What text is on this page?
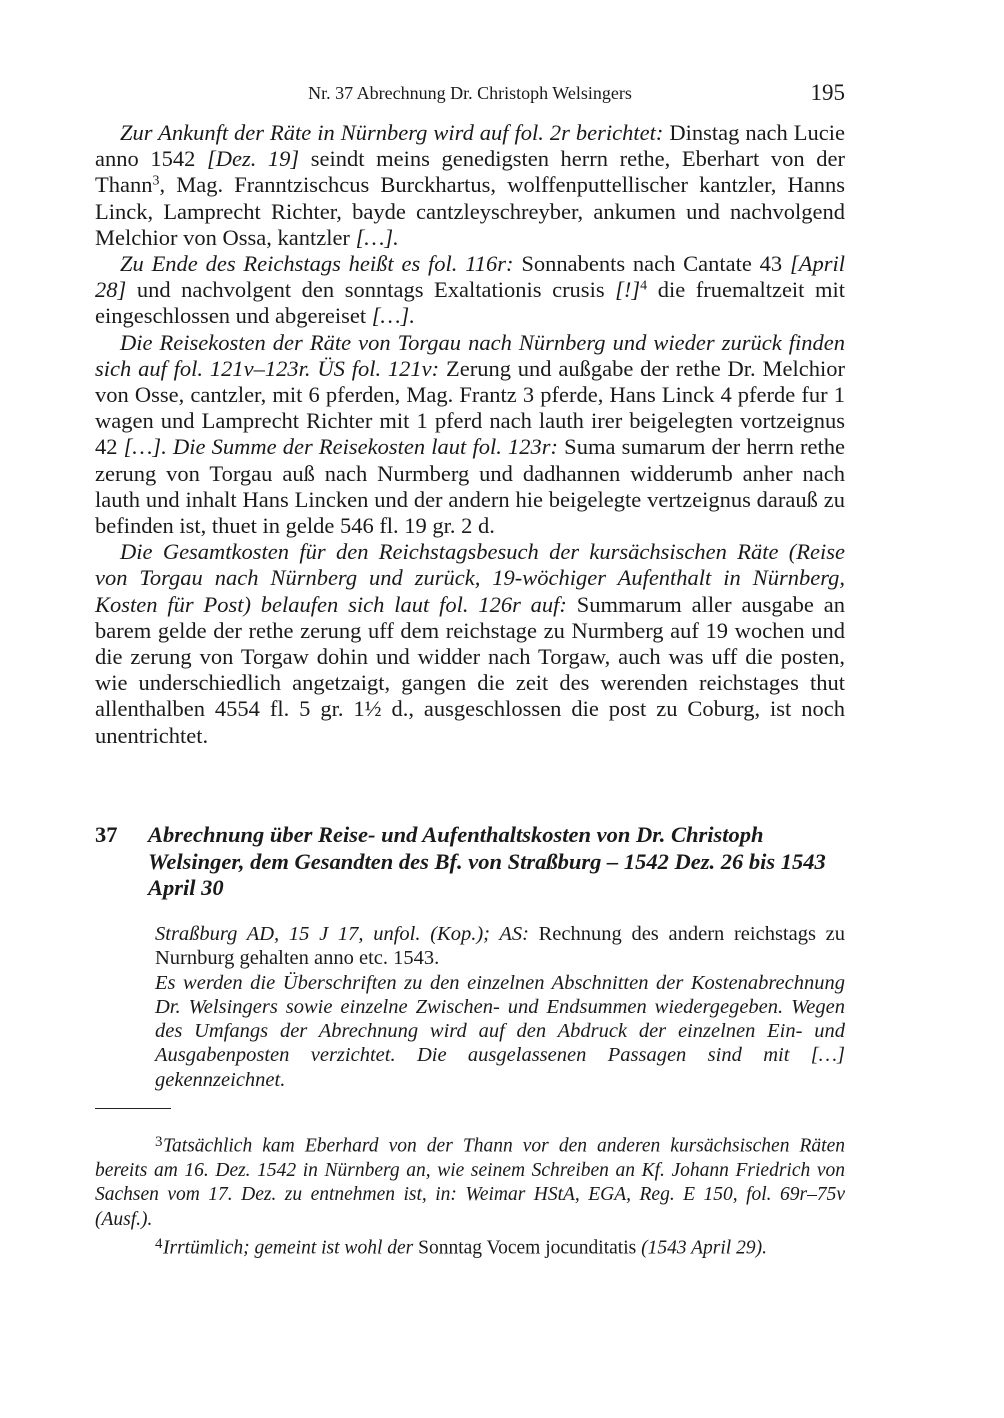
Nr. 37 Abrechnung Dr. Christoph Welsingers	195

Zur Ankunft der Räte in Nürnberg wird auf fol. 2r berichtet: Dinstag nach Lucie anno 1542 [Dez. 19] seindt meins genedigsten herrn rethe, Eberhart von der Thann$^3$, Mag. Franntzischcus Burckhartus, wolffenputtellischer kantzler, Hanns Linck, Lamprecht Richter, bayde cantzleyschreyber, ankumen und nachvolgend Melchior von Ossa, kantzler […].

Zu Ende des Reichstags heißt es fol. 116r: Sonnabents nach Cantate 43 [April 28] und nachvolgent den sonntags Exaltationis crusis [!]$^4$ die fruemaltzeit mit eingeschlossen und abgereiset […].

Die Reisekosten der Räte von Torgau nach Nürnberg und wieder zurück finden sich auf fol. 121v–123r. ÜS fol. 121v: Zerung und außgabe der rethe Dr. Melchior von Osse, cantzler, mit 6 pferden, Mag. Frantz 3 pferde, Hans Linck 4 pferde fur 1 wagen und Lamprecht Richter mit 1 pferd nach lauth irer beigelegten vortzeignus 42 […]. Die Summe der Reisekosten laut fol. 123r: Suma sumarum der herrn rethe zerung von Torgau auß nach Nurmberg und dadhannen widderumb anher nach lauth und inhalt Hans Lincken und der andern hie beigelegte vertzeignus darauß zu befinden ist, thuet in gelde 546 fl. 19 gr. 2 d.

Die Gesamtkosten für den Reichstagsbesuch der kursächsischen Räte (Reise von Torgau nach Nürnberg und zurück, 19-wöchiger Aufenthalt in Nürnberg, Kosten für Post) belaufen sich laut fol. 126r auf: Summarum aller ausgabe an barem gelde der rethe zerung uff dem reichstage zu Nurmberg auf 19 wochen und die zerung von Torgaw dohin und widder nach Torgaw, auch was uff die posten, wie underschiedlich angetzaigt, gangen die zeit des werenden reichstages thut allenthalben 4554 fl. 5 gr. 1½ d., ausgeschlossen die post zu Coburg, ist noch unentrichtet.

37 Abrechnung über Reise- und Aufenthaltskosten von Dr. Christoph Welsinger, dem Gesandten des Bf. von Straßburg – 1542 Dez. 26 bis 1543 April 30

Straßburg AD, 15 J 17, unfol. (Kop.); AS: Rechnung des andern reichstags zu Nurnburg gehalten anno etc. 1543.

Es werden die Überschriften zu den einzelnen Abschnitten der Kostenabrechnung Dr. Welsingers sowie einzelne Zwischen- und Endsummen wiedergegeben. Wegen des Umfangs der Abrechnung wird auf den Abdruck der einzelnen Ein- und Ausgabenposten verzichtet. Die ausgelassenen Passagen sind mit […] gekennzeichnet.

3Tatsächlich kam Eberhard von der Thann vor den anderen kursächsischen Räten bereits am 16. Dez. 1542 in Nürnberg an, wie seinem Schreiben an Kf. Johann Friedrich von Sachsen vom 17. Dez. zu entnehmen ist, in: Weimar HStA, EGA, Reg. E 150, fol. 69r–75v (Ausf.).

4Irrtümlich; gemeint ist wohl der Sonntag Vocem jocunditatis (1543 April 29).
